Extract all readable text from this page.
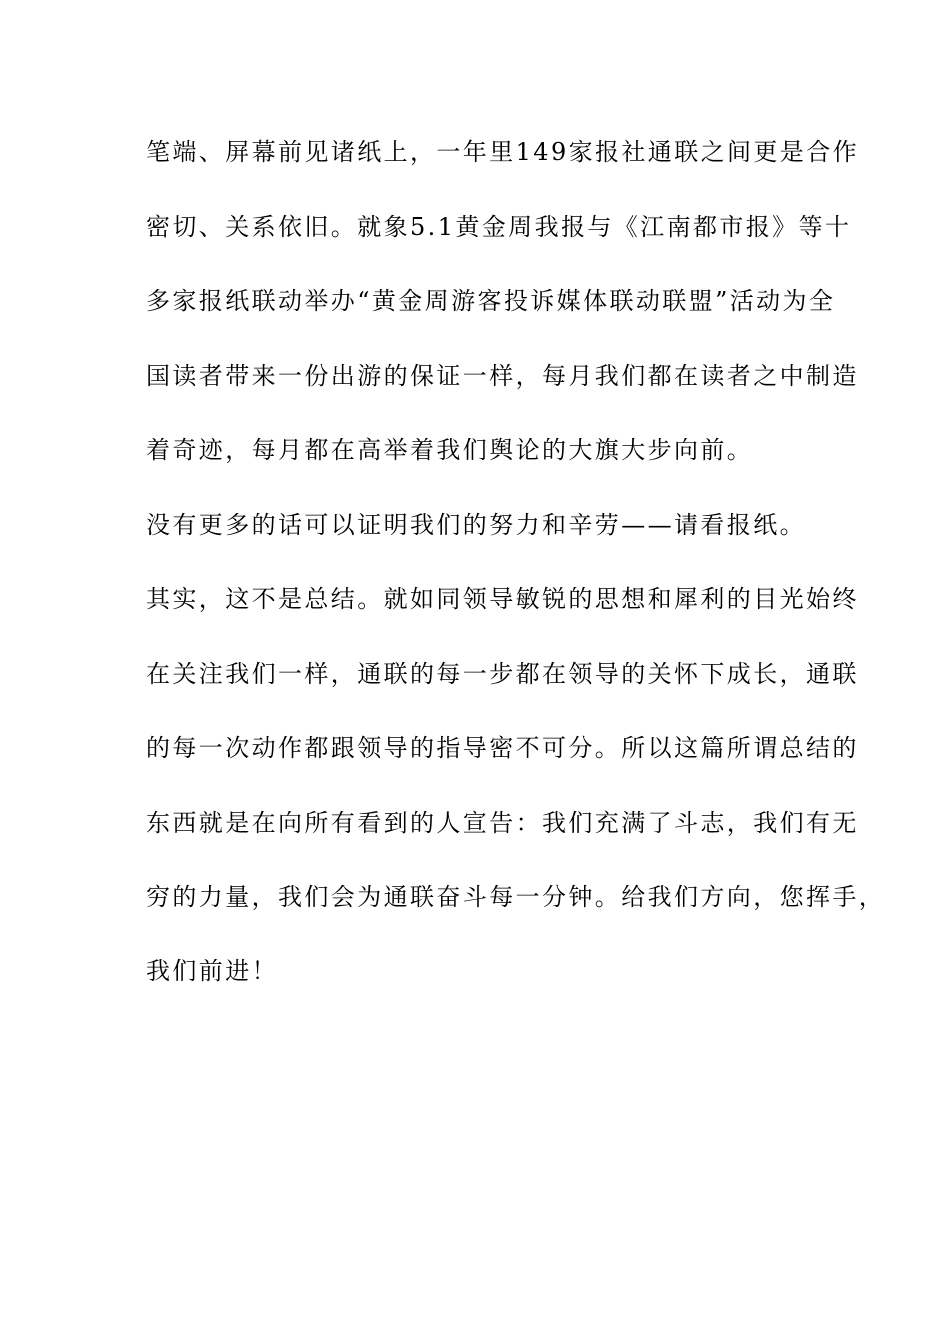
笔端、屏幕前见诸纸上，一年里149家报社通联之间更是合作
密切、关系依旧。就象5.1黄金周我报与《江南都市报》等十
多家报纸联动举办“黄金周游客投诉媒体联动联盟”活动为全
国读者带来一份出游的保证一样，每月我们都在读者之中制造
着奇迹，每月都在高举着我们舆论的大旗大步向前。
没有更多的话可以证明我们的努力和辛劳——请看报纸。
其实，这不是总结。就如同领导敏锐的思想和犀利的目光始终
在关注我们一样，通联的每一步都在领导的关怀下成长，通联
的每一次动作都跟领导的指导密不可分。所以这篇所谓总结的
东西就是在向所有看到的人宣告：我们充满了斗志，我们有无
穷的力量，我们会为通联奋斗每一分钟。给我们方向，您挥手，
我们前进！
